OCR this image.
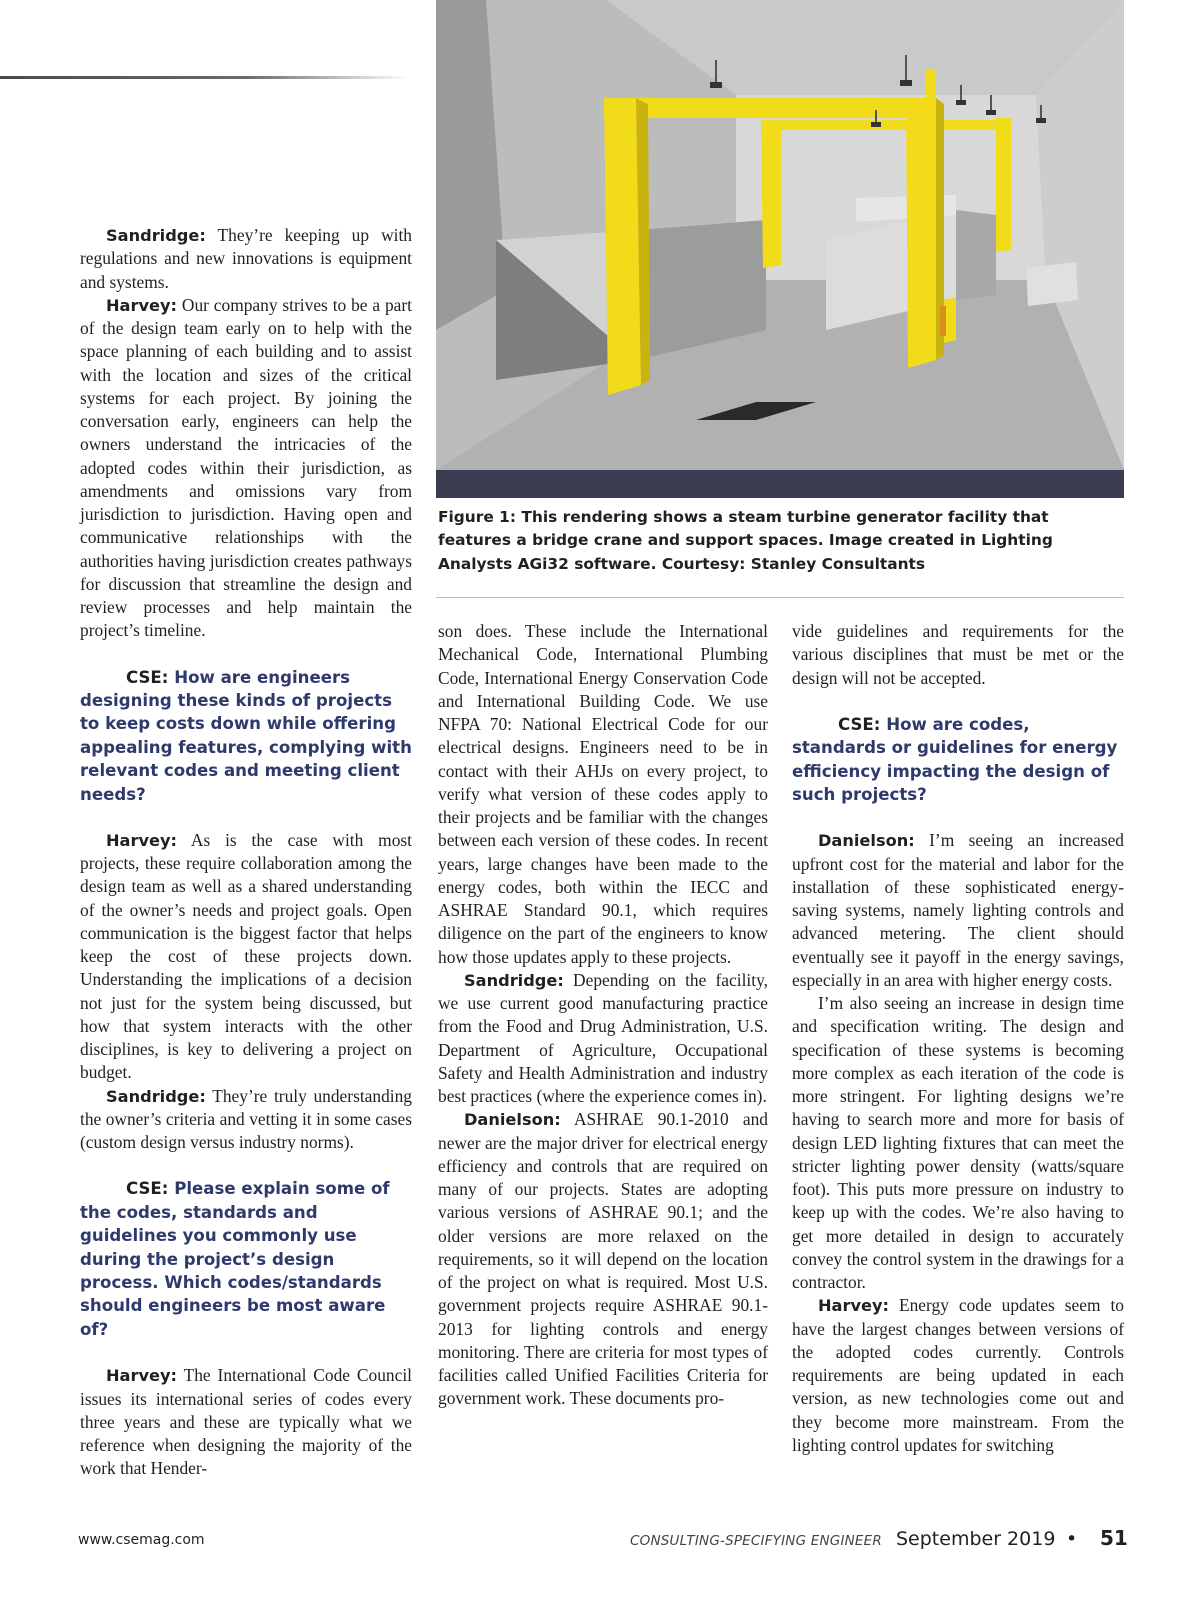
Figure 1: This rendering shows a steam turbine generator facility that features a bridge crane and support spaces. Image created in Lighting Analysts AGi32 software. Courtesy: Stanley Consultants

Sandridge: They’re keeping up with regulations and new innovations is equipment and systems.

Harvey: Our company strives to be a part of the design team early on to help with the space planning of each building and to assist with the location and sizes of the critical systems for each project. By joining the conversation early, engineers can help the owners understand the intricacies of the adopted codes within their jurisdiction, as amendments and omissions vary from jurisdiction to jurisdiction. Having open and communicative relationships with the authorities having jurisdiction creates pathways for discussion that streamline the design and review processes and help maintain the project’s timeline.

CSE: How are engineers designing these kinds of projects to keep costs down while offering appealing features, complying with relevant codes and meeting client needs?

Harvey: As is the case with most projects, these require collaboration among the design team as well as a shared understanding of the owner’s needs and project goals. Open communication is the biggest factor that helps keep the cost of these projects down. Understanding the implications of a decision not just for the system being discussed, but how that system interacts with the other disciplines, is key to delivering a project on budget.

Sandridge: They’re truly understanding the owner’s criteria and vetting it in some cases (custom design versus industry norms).

CSE: Please explain some of the codes, standards and guidelines you commonly use during the project’s design process. Which codes/standards should engineers be most aware of?

Harvey: The International Code Council issues its international series of codes every three years and these are typically what we reference when designing the majority of the work that Hender-

son does. These include the International Mechanical Code, International Plumbing Code, International Energy Conservation Code and International Building Code. We use NFPA 70: National Electrical Code for our electrical designs. Engineers need to be in contact with their AHJs on every project, to verify what version of these codes apply to their projects and be familiar with the changes between each version of these codes. In recent years, large changes have been made to the energy codes, both within the IECC and ASHRAE Standard 90.1, which requires diligence on the part of the engineers to know how those updates apply to these projects.

Sandridge: Depending on the facility, we use current good manufacturing practice from the Food and Drug Administration, U.S. Department of Agriculture, Occupational Safety and Health Administration and industry best practices (where the experience comes in).

Danielson: ASHRAE 90.1-2010 and newer are the major driver for electrical energy efficiency and controls that are required on many of our projects. States are adopting various versions of ASHRAE 90.1; and the older versions are more relaxed on the requirements, so it will depend on the location of the project on what is required. Most U.S. government projects require ASHRAE 90.1-2013 for lighting controls and energy monitoring. There are criteria for most types of facilities called Unified Facilities Criteria for government work. These documents pro-

vide guidelines and requirements for the various disciplines that must be met or the design will not be accepted.

CSE: How are codes, standards or guidelines for energy efficiency impacting the design of such projects?

Danielson: I’m seeing an increased upfront cost for the material and labor for the installation of these sophisticated energy-saving systems, namely lighting controls and advanced metering. The client should eventually see it payoff in the energy savings, especially in an area with higher energy costs.

I’m also seeing an increase in design time and specification writing. The design and specification of these systems is becoming more complex as each iteration of the code is more stringent. For lighting designs we’re having to search more and more for basis of design LED lighting fixtures that can meet the stricter lighting power density (watts/square foot). This puts more pressure on industry to keep up with the codes. We’re also having to get more detailed in design to accurately convey the control system in the drawings for a contractor.

Harvey: Energy code updates seem to have the largest changes between versions of the adopted codes currently. Controls requirements are being updated in each version, as new technologies come out and they become more mainstream. From the lighting control updates for switching

www.csemag.com	CONSULTING-SPECIFYING ENGINEER September 2019 • 51
